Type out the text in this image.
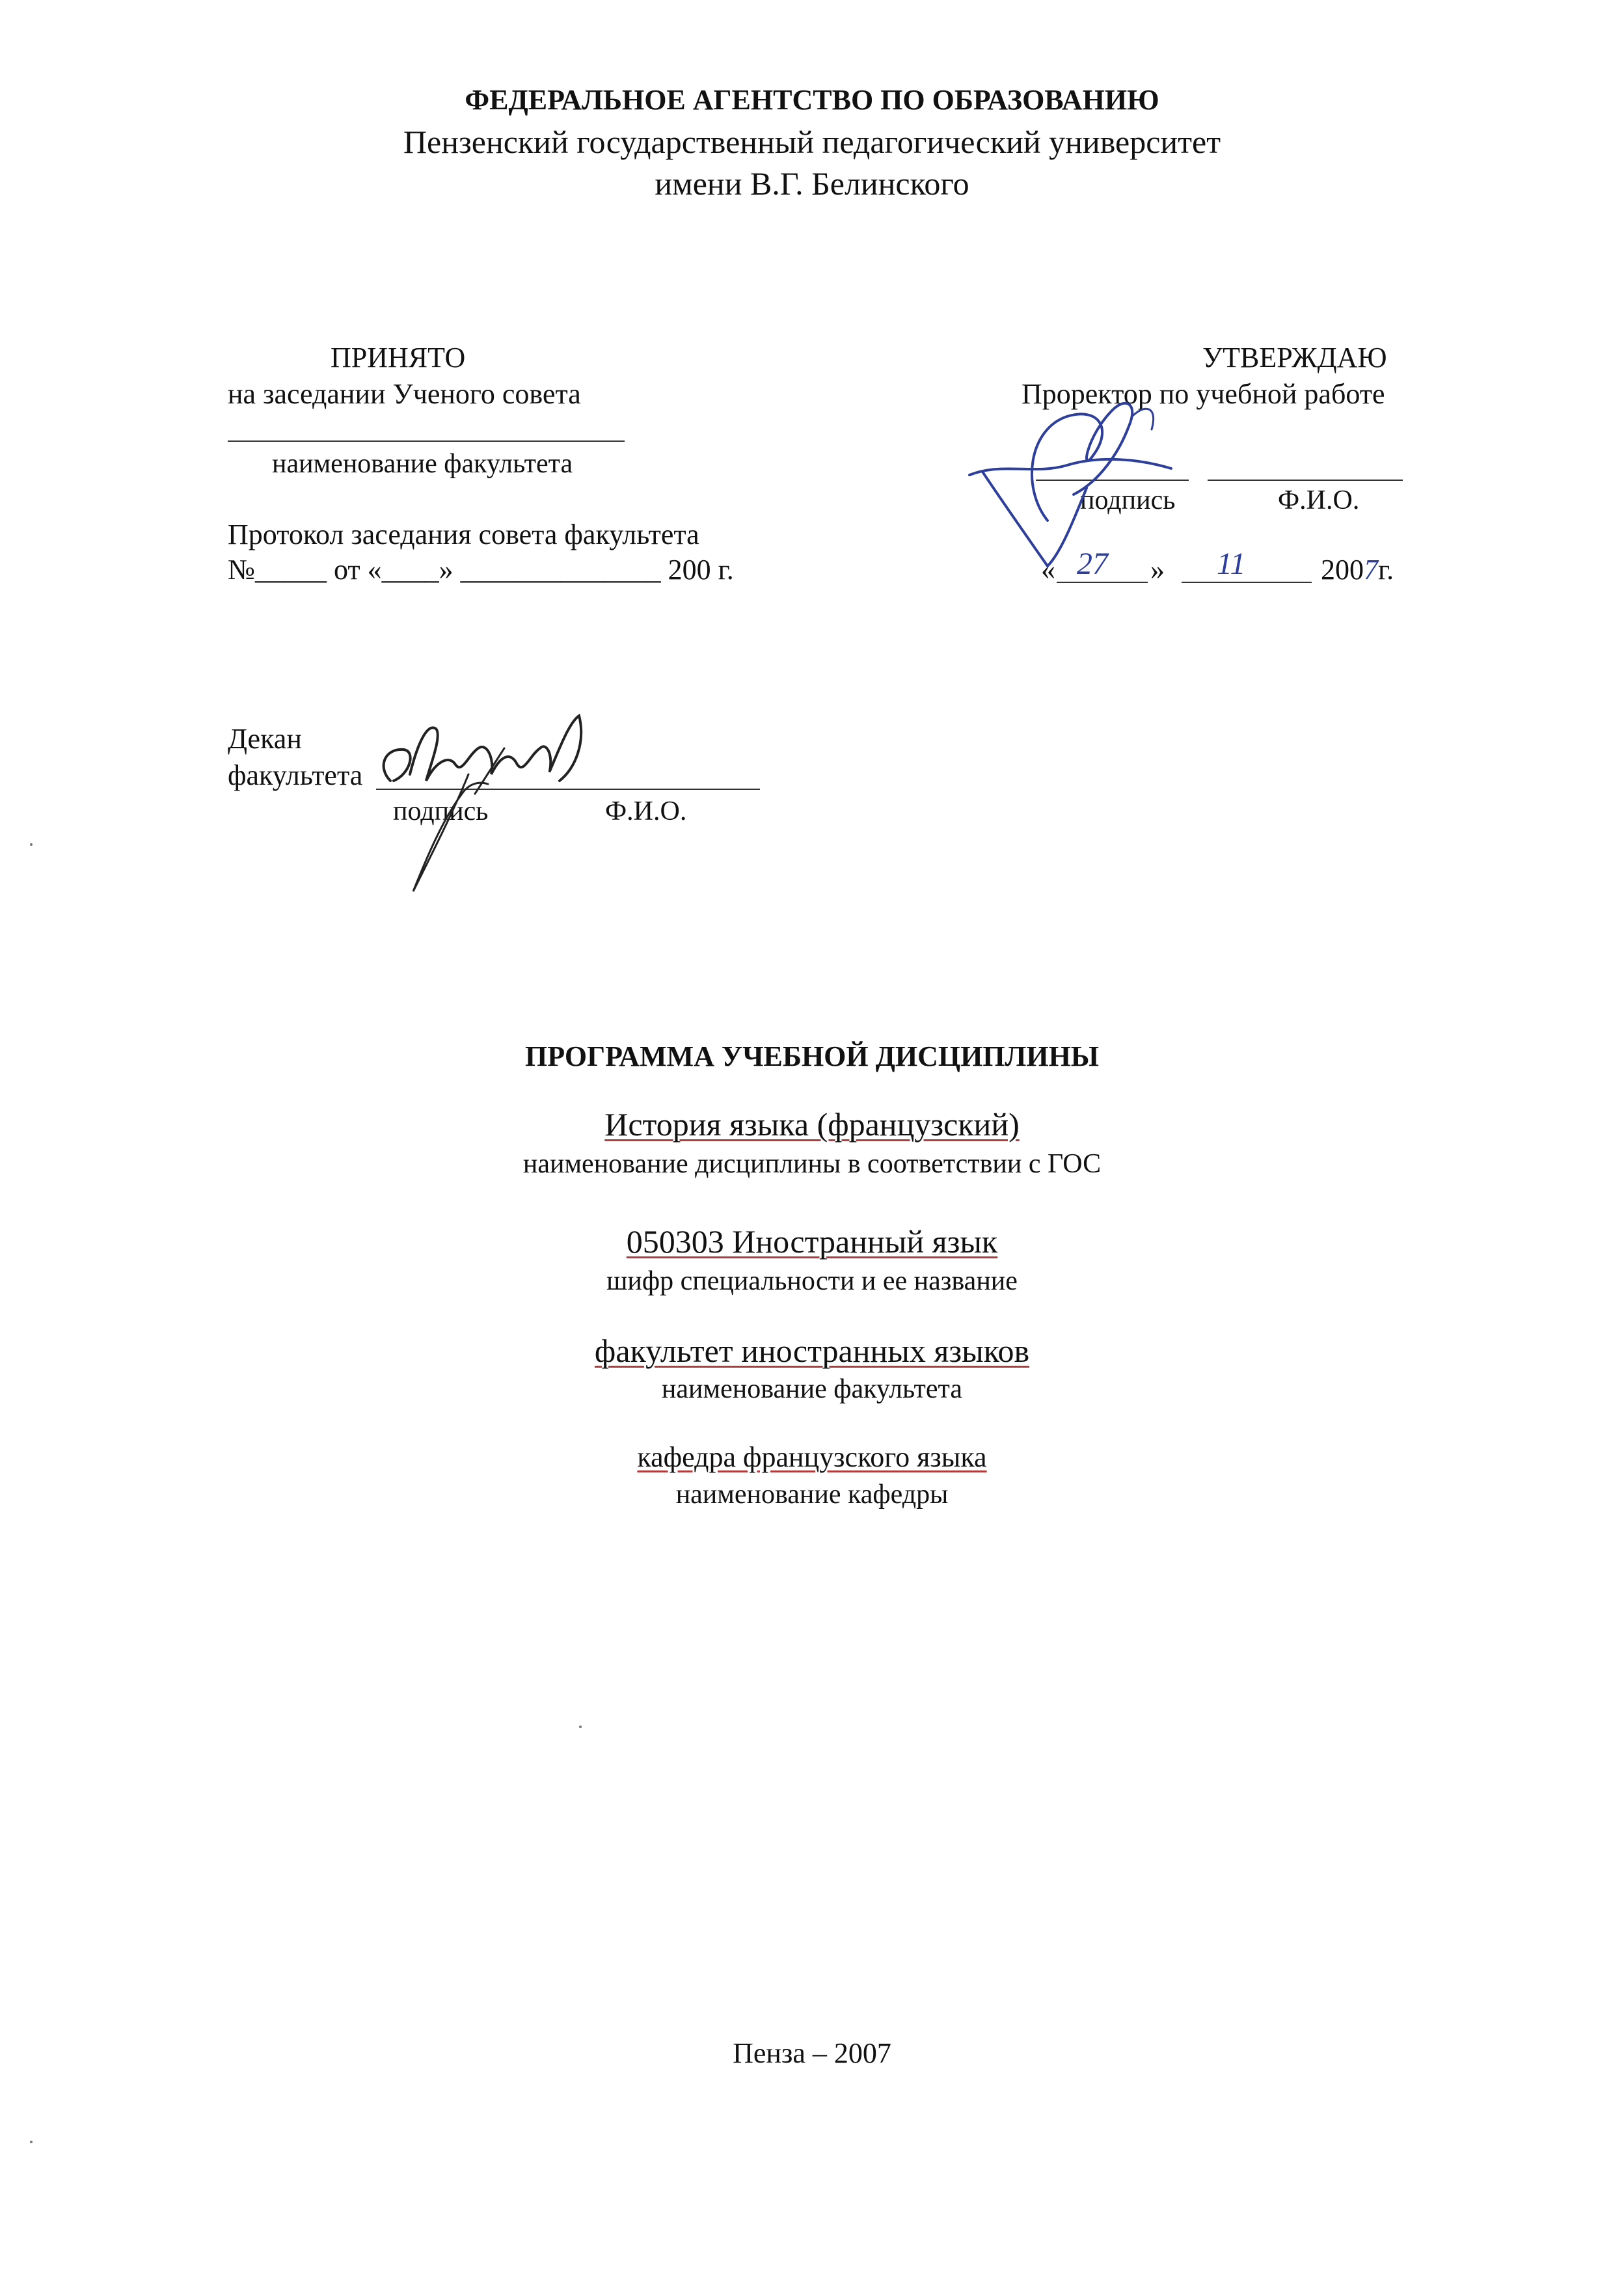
ФЕДЕРАЛЬНОЕ АГЕНТСТВО ПО ОБРАЗОВАНИЮ
Пензенский государственный педагогический университет
имени В.Г. Белинского
ПРИНЯТО
на заседании Ученого совета
наименование факультета
Протокол заседания совета факультета
№_____ от «____» ______________ 200 г.
УТВЕРЖДАЮ
Проректор по учебной работе
подпись	Ф.И.О.
« 27 » 11	2007г.
Декан
факультета
подпись	Ф.И.О.
ПРОГРАММА УЧЕБНОЙ ДИСЦИПЛИНЫ
История языка (французский)
наименование дисциплины в соответствии с ГОС
050303 Иностранный язык
шифр специальности и ее название
факультет иностранных языков
наименование факультета
кафедра французского языка
наименование кафедры
Пенза – 2007
